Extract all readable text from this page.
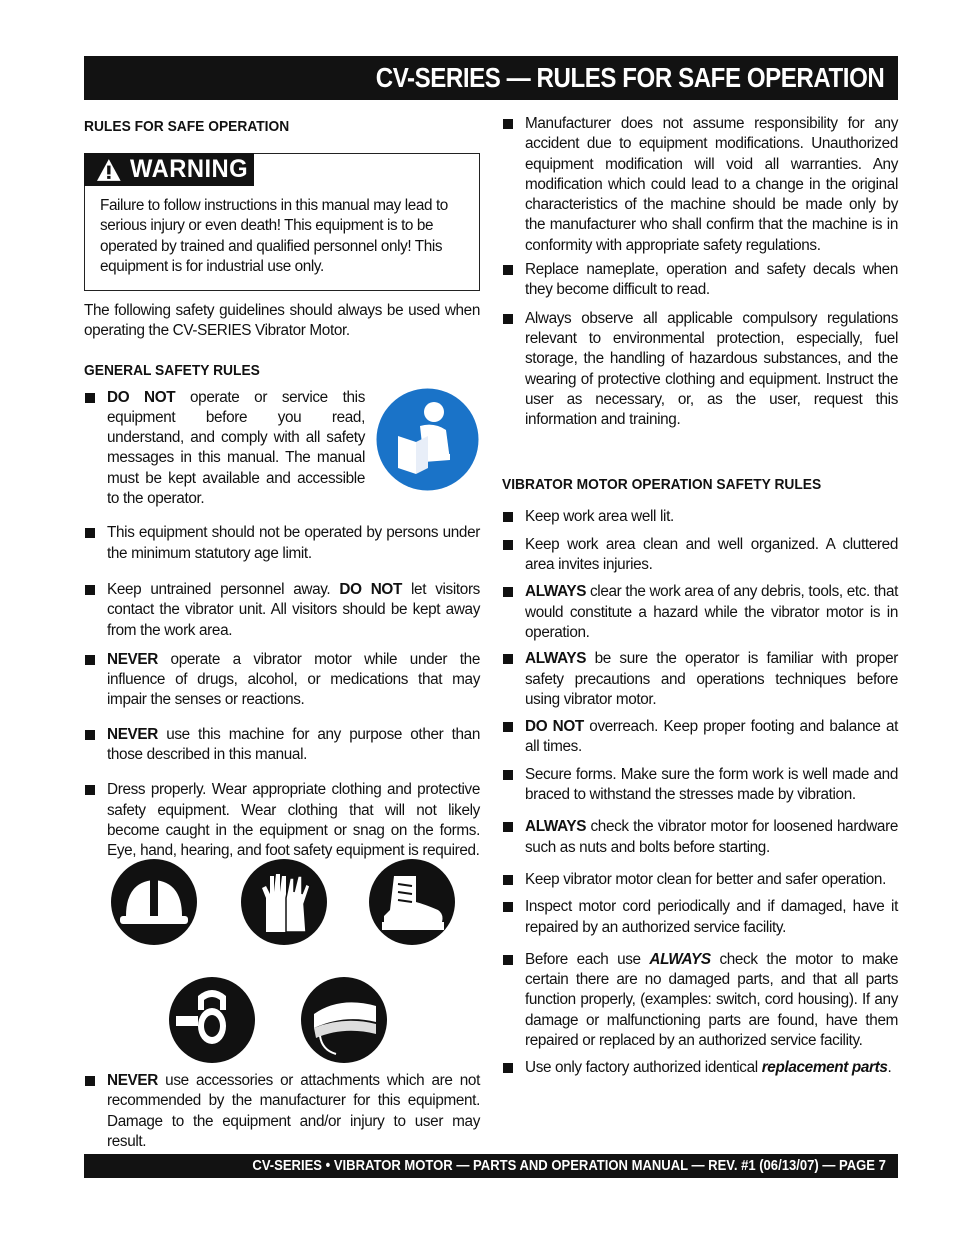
CV-SERIES — RULES FOR SAFE OPERATION
RULES FOR SAFE OPERATION
WARNING
Failure to follow instructions in this manual may lead to serious injury or even death! This equipment is to be operated by trained and qualified personnel only! This equipment is for industrial use only.
The following safety guidelines should always be used when operating the CV-SERIES Vibrator Motor.
GENERAL SAFETY RULES
DO NOT operate or service this equipment before you read, understand, and comply with all safety messages in this manual. The manual must be kept available and accessible to the operator.
This equipment should not be operated by persons under the minimum statutory age limit.
Keep untrained personnel away. DO NOT let visitors contact the vibrator unit. All visitors should be kept away from the work area.
NEVER operate a vibrator motor while under the influence of drugs, alcohol, or medications that may impair the senses or reactions.
NEVER use this machine for any purpose other than those described in this manual.
Dress properly. Wear appropriate clothing and protective safety equipment. Wear clothing that will not likely become caught in the equipment or snag on the forms. Eye, hand, hearing, and foot safety equipment is required.
NEVER use accessories or attachments which are not recommended by the manufacturer for this equipment. Damage to the equipment and/or injury to user may result.
Manufacturer does not assume responsibility for any accident due to equipment modifications. Unauthorized equipment modification will void all warranties. Any modification which could lead to a change in the original characteristics of the machine should be made only by the manufacturer who shall confirm that the machine is in conformity with appropriate safety regulations.
Replace nameplate, operation and safety decals when they become difficult to read.
Always observe all applicable compulsory regulations relevant to environmental protection, especially, fuel storage, the handling of hazardous substances, and the wearing of protective clothing and equipment. Instruct the user as necessary, or, as the user, request this information and training.
VIBRATOR MOTOR OPERATION SAFETY RULES
Keep work area well lit.
Keep work area clean and well organized. A cluttered area invites injuries.
ALWAYS clear the work area of any debris, tools, etc. that would constitute a hazard while the vibrator motor is in operation.
ALWAYS be sure the operator is familiar with proper safety precautions and operations techniques before using vibrator motor.
DO NOT overreach. Keep proper footing and balance at all times.
Secure forms. Make sure the form work is well made and braced to withstand the stresses made by vibration.
ALWAYS check the vibrator motor for loosened hardware such as nuts and bolts before starting.
Keep vibrator motor clean for better and safer operation.
Inspect motor cord periodically and if damaged, have it repaired by an authorized service facility.
Before each use ALWAYS check the motor to make certain there are no damaged parts, and that all parts function properly, (examples: switch, cord housing). If any damage or malfunctioning parts are found, have them repaired or replaced by an authorized service facility.
Use only factory authorized identical replacement parts.
CV-SERIES • VIBRATOR MOTOR — PARTS AND OPERATION MANUAL — REV. #1 (06/13/07) — PAGE 7
